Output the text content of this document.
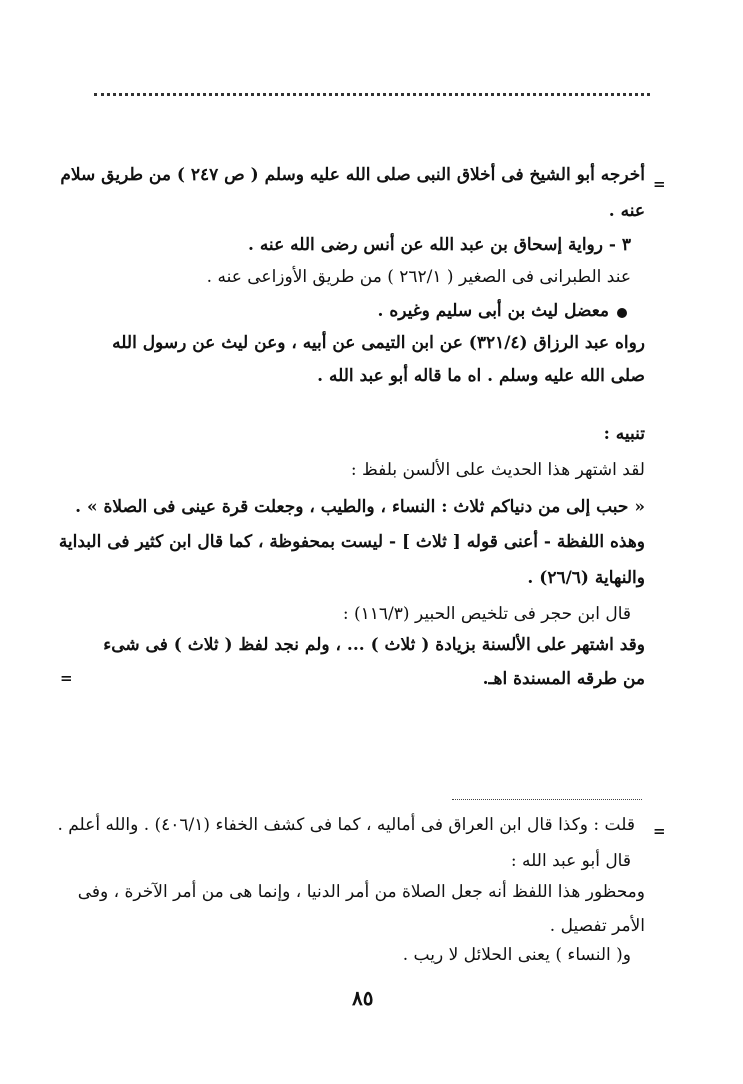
=
أخرجه أبو الشيخ فى أخلاق النبى صلى الله عليه وسلم ( ص ٢٤٧ ) من طريق سلام
عنه .
٣ - رواية إسحاق بن عبد الله عن أنس رضى الله عنه .
عند الطبرانى فى الصغير ( ٢٦٢/١ ) من طريق الأوزاعى عنه .
معضل ليث بن أبى سليم وغيره .
رواه عبد الرزاق (٣٢١/٤) عن ابن التيمى عن أبيه ، وعن ليث عن رسول الله
صلى الله عليه وسلم . اه ما قاله أبو عبد الله .
تنبيه :
لقد اشتهر هذا الحديث على الألسن بلفظ :
« حبب إلى من دنياكم ثلاث : النساء ، والطيب ، وجعلت قرة عينى فى الصلاة » .
وهذه اللفظة - أعنى قوله [ ثلاث ] - ليست بمحفوظة ، كما قال ابن كثير فى البداية
والنهاية (٢٦/٦) .
قال ابن حجر فى تلخيص الحبير (١١٦/٣) :
وقد اشتهر على الألسنة بزيادة ( ثلاث ) ... ، ولم نجد لفظ ( ثلاث ) فى شىء
من طرقه المسندة اهـ.
=
=
قلت : وكذا قال ابن العراق فى أماليه ، كما فى كشف الخفاء (٤٠٦/١) . والله أعلم .
قال أبو عبد الله :
ومحظور هذا اللفظ أنه جعل الصلاة من أمر الدنيا ، وإنما هى من أمر الآخرة ، وفى
الأمر تفصيل .
و( النساء ) يعنى الحلائل لا ريب .
٨٥
